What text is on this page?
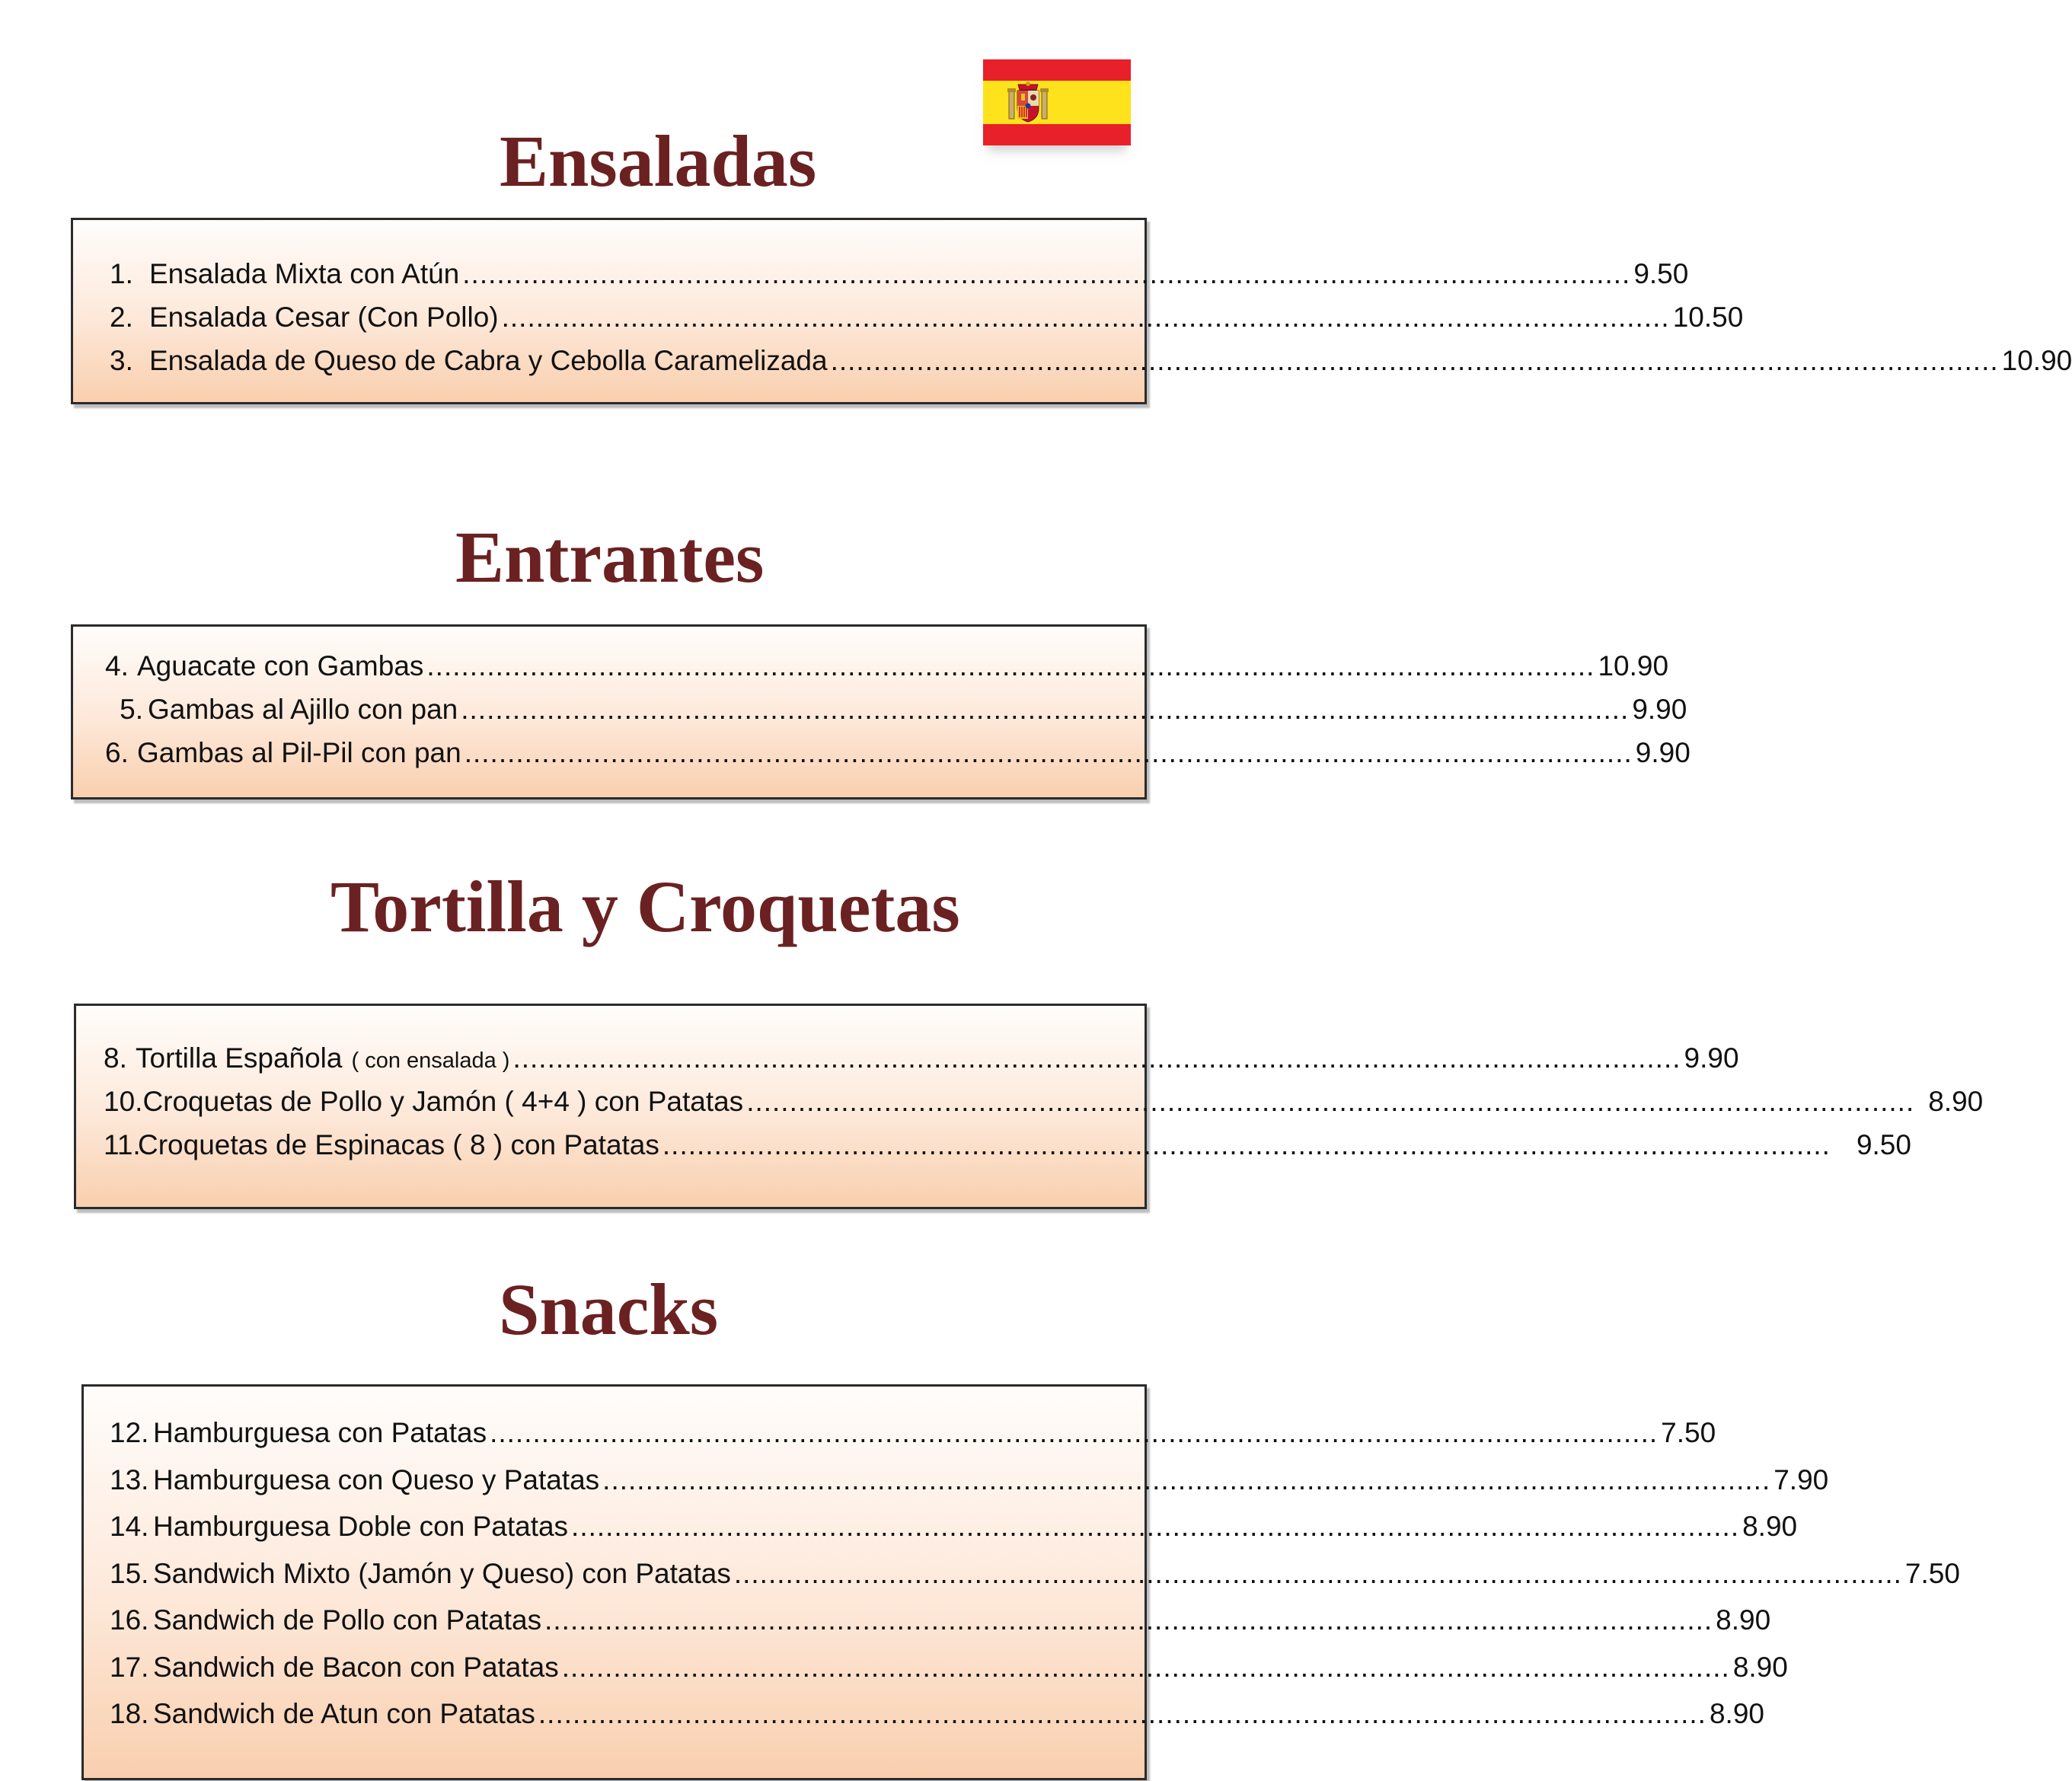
Ensaladas
1. Ensalada Mixta con Atún ........................................................................................................................................ 9.50
2. Ensalada Cesar (Con Pollo) ........................................................................................................................................ 10.50
3. Ensalada de Queso de Cabra y Cebolla Caramelizada ........................................................................................................................................ 10.90
Entrantes
4. Aguacate con Gambas ........................................................................................................................................ 10.90
5. Gambas al Ajillo con pan ........................................................................................................................................ 9.90
6. Gambas al Pil-Pil con pan ........................................................................................................................................ 9.90
Tortilla y Croquetas
8. Tortilla Española ( con ensalada ) ........................................................................................................................................ 9.90
10. Croquetas de Pollo y Jamón ( 4+4 ) con Patatas ........................................................................................................................................ 8.90
11.
Croquetas de Espinacas ( 8 ) con Patatas ........................................................................................................................................ 9.50
Snacks
12. Hamburguesa con Patatas ........................................................................................................................................ 7.50
13. Hamburguesa con Queso y Patatas ........................................................................................................................................ 7.90
14. Hamburguesa Doble con Patatas ........................................................................................................................................ 8.90
15. Sandwich Mixto (Jamón y Queso) con Patatas ........................................................................................................................................ 7.50
16. Sandwich de Pollo con Patatas ........................................................................................................................................ 8.90
17. Sandwich de Bacon con Patatas ........................................................................................................................................ 8.90
18. Sandwich de Atun con Patatas ........................................................................................................................................ 8.90
